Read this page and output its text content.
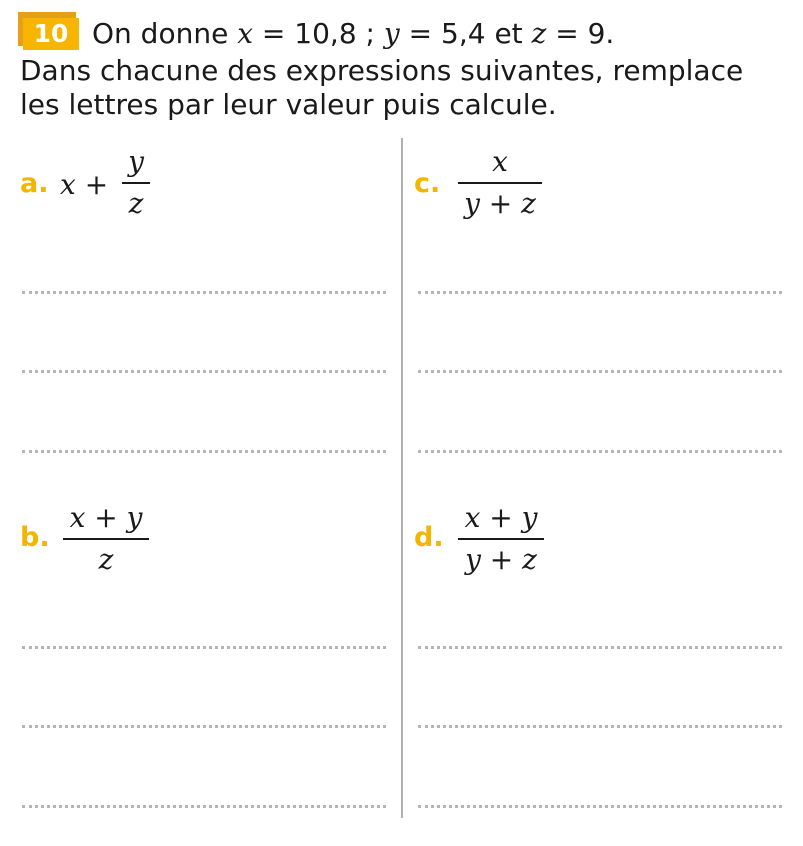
10 On donne x = 10,8 ; y = 5,4 et z = 9.
Dans chacune des expressions suivantes, remplace
les lettres par leur valeur puis calcule.
a. x +
y
z
c.
x
y + z
b.
x + y
z
d.
x + y
y + z
